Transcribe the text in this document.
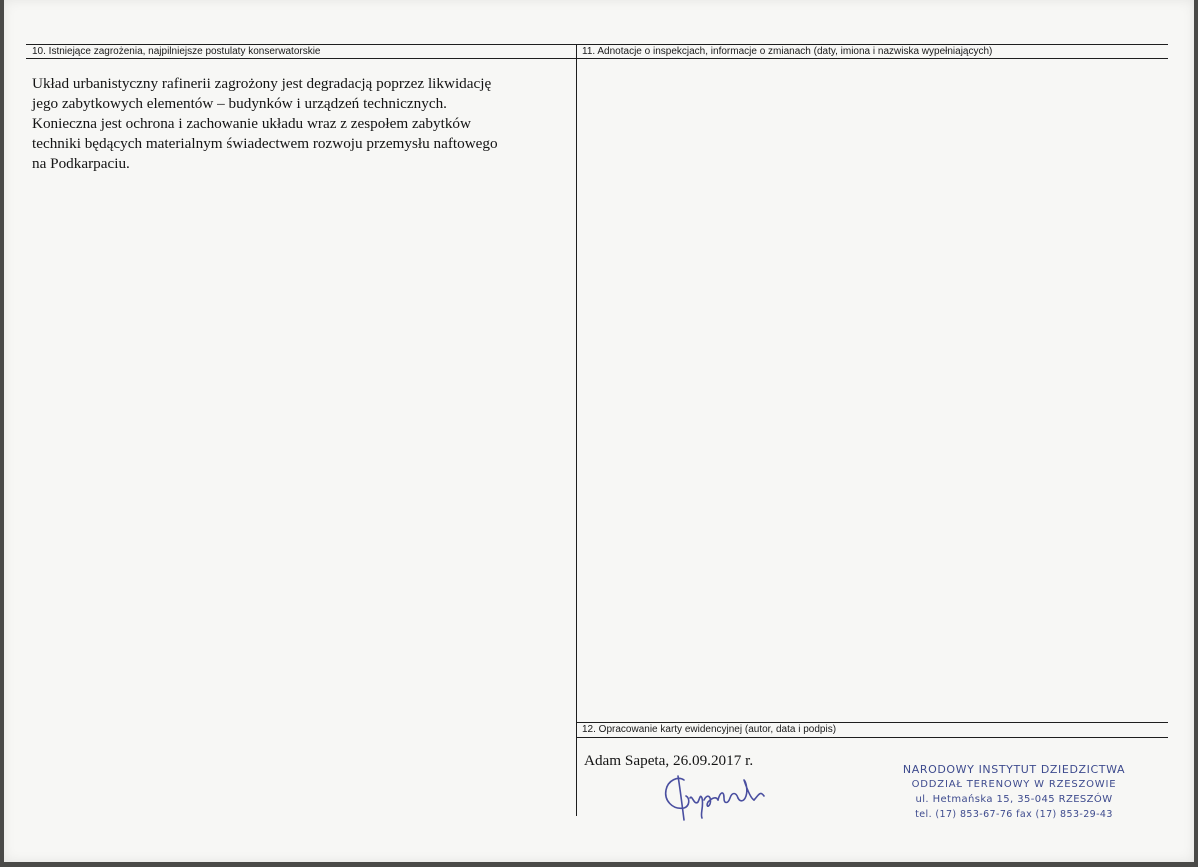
10. Istniejące zagrożenia, najpilniejsze postulaty konserwatorskie
Układ urbanistyczny rafinerii zagrożony jest degradacją poprzez likwidację
jego zabytkowych elementów – budynków i urządzeń technicznych.
Konieczna jest ochrona i zachowanie układu wraz z zespołem zabytków
techniki będących materialnym świadectwem rozwoju przemysłu naftowego
na Podkarpaciu.
11. Adnotacje o inspekcjach, informacje o zmianach (daty, imiona i nazwiska wypełniających)
12. Opracowanie karty ewidencyjnej (autor, data i podpis)
Adam Sapeta, 26.09.2017 r.
NARODOWY INSTYTUT DZIEDZICTWA
ODDZIAŁ TERENOWY W RZESZOWIE
ul. Hetmańska 15, 35-045 RZESZÓW
tel. (17) 853-67-76 fax (17) 853-29-43
